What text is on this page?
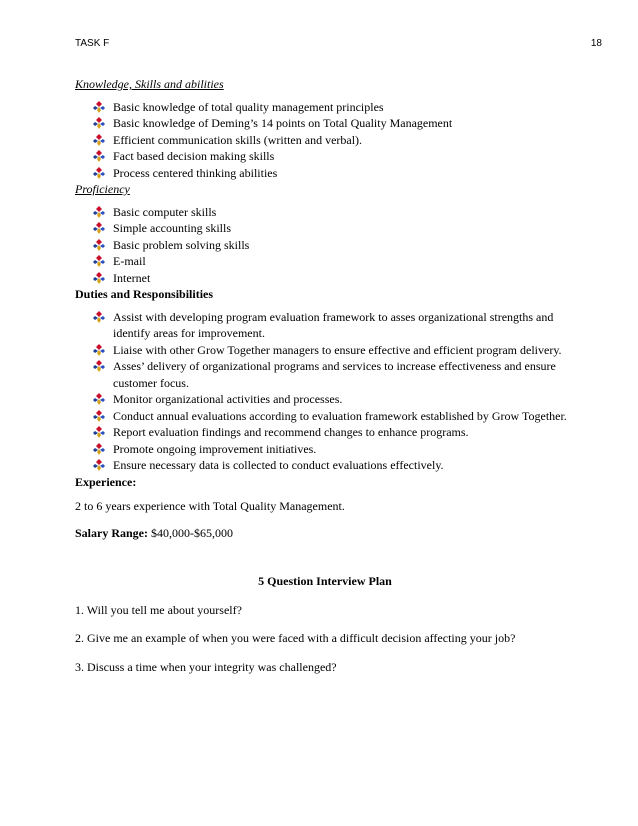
TASK F	18
Knowledge, Skills and abilities
Basic knowledge of total quality management principles
Basic knowledge of Deming’s 14 points on Total Quality Management
Efficient communication skills (written and verbal).
Fact based decision making skills
Process centered thinking abilities
Proficiency
Basic computer skills
Simple accounting skills
Basic problem solving skills
E-mail
Internet
Duties and Responsibilities
Assist with developing program evaluation framework to asses organizational strengths and identify areas for improvement.
Liaise with other Grow Together managers to ensure effective and efficient program delivery.
Asses’ delivery of organizational programs and services to increase effectiveness and ensure customer focus.
Monitor organizational activities and processes.
Conduct annual evaluations according to evaluation framework established by Grow Together.
Report evaluation findings and recommend changes to enhance programs.
Promote ongoing improvement initiatives.
Ensure necessary data is collected to conduct evaluations effectively.
Experience:
2 to 6 years experience with Total Quality Management.
Salary Range: $40,000-$65,000
5 Question Interview Plan
1. Will you tell me about yourself?
2. Give me an example of when you were faced with a difficult decision affecting your job?
3. Discuss a time when your integrity was challenged?
